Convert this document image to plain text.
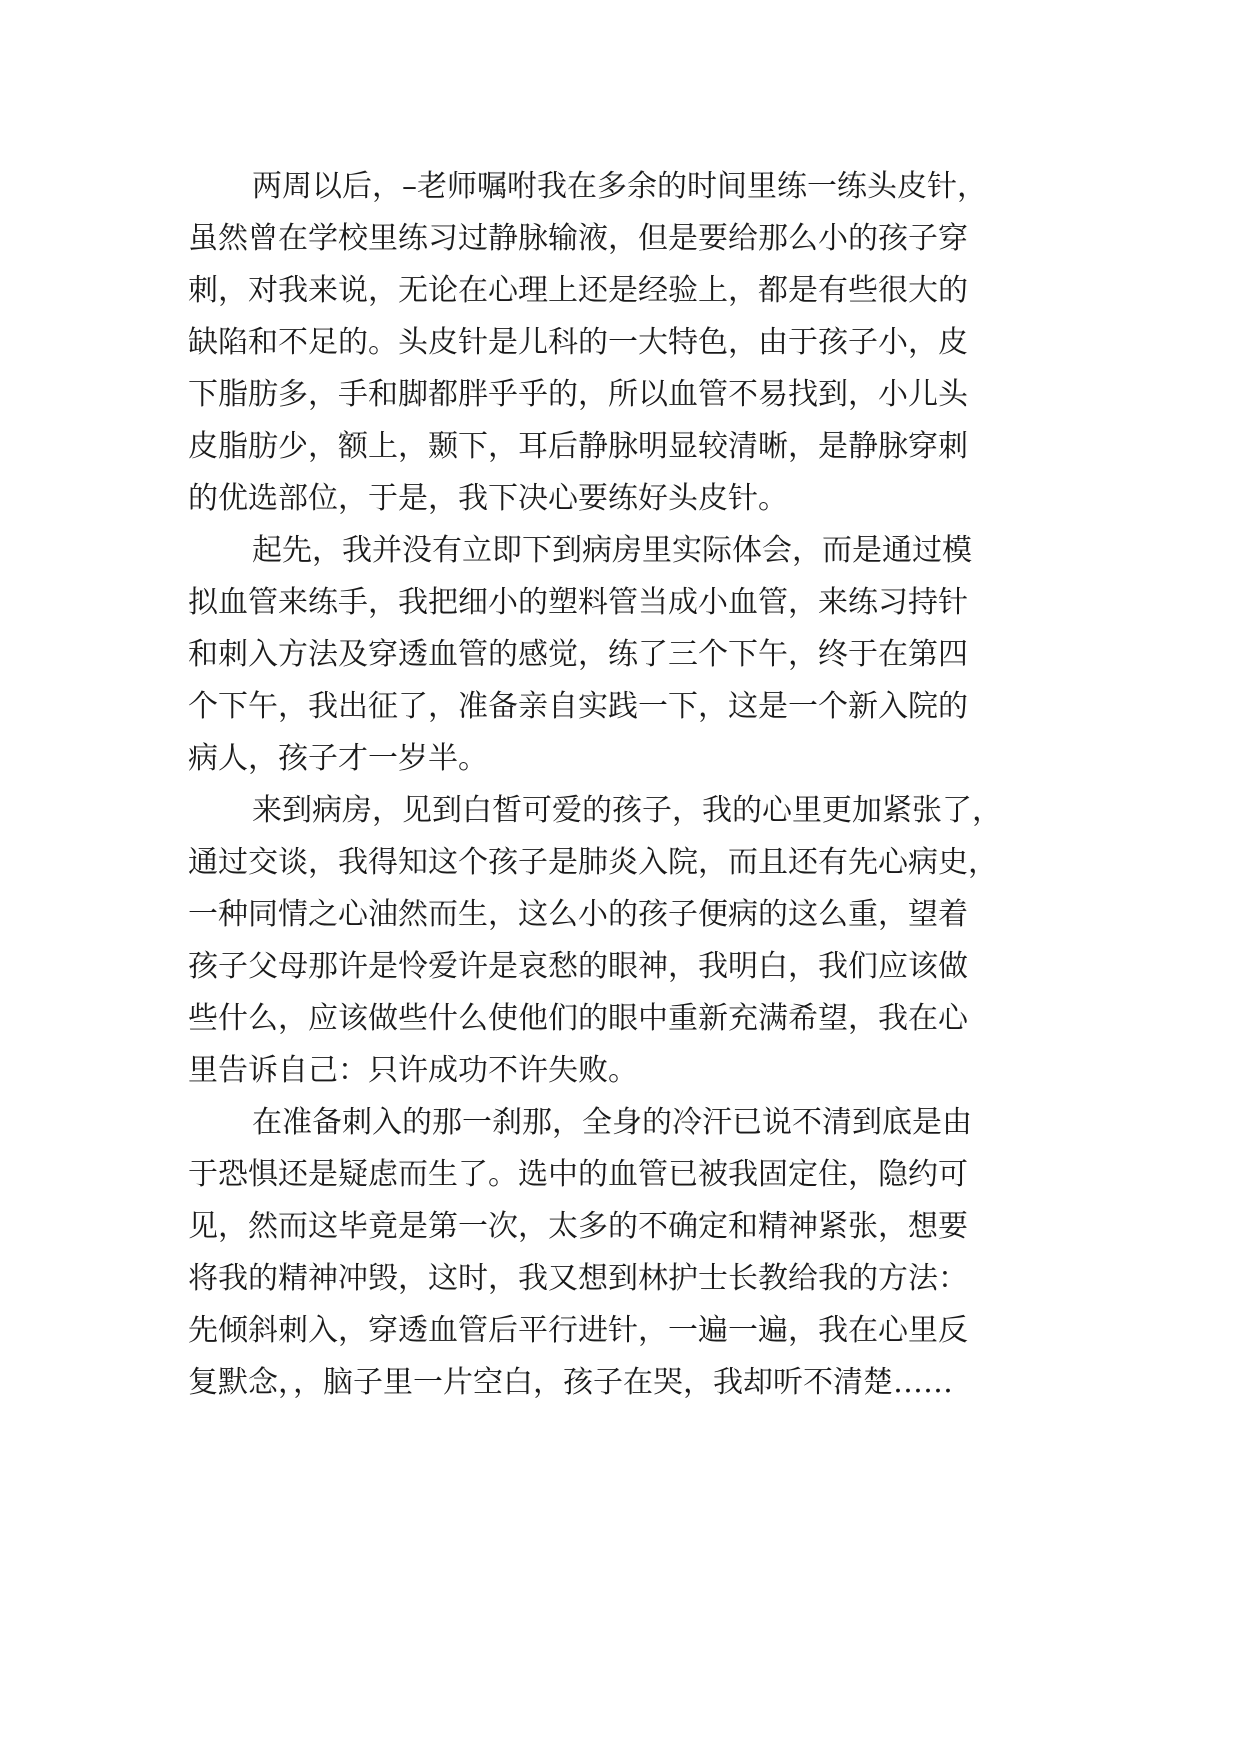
两周以后，–老师嘱咐我在多余的时间里练一练头皮针，
虽然曾在学校里练习过静脉输液，但是要给那么小的孩子穿
刺，对我来说，无论在心理上还是经验上，都是有些很大的
缺陷和不足的。头皮针是儿科的一大特色，由于孩子小，皮
下脂肪多，手和脚都胖乎乎的，所以血管不易找到，小儿头
皮脂肪少，额上，颞下，耳后静脉明显较清晰，是静脉穿刺
的优选部位，于是，我下决心要练好头皮针。
起先，我并没有立即下到病房里实际体会，而是通过模
拟血管来练手，我把细小的塑料管当成小血管，来练习持针
和刺入方法及穿透血管的感觉，练了三个下午，终于在第四
个下午，我出征了，准备亲自实践一下，这是一个新入院的
病人，孩子才一岁半。
来到病房，见到白皙可爱的孩子，我的心里更加紧张了，
通过交谈，我得知这个孩子是肺炎入院，而且还有先心病史，
一种同情之心油然而生，这么小的孩子便病的这么重，望着
孩子父母那许是怜爱许是哀愁的眼神，我明白，我们应该做
些什么，应该做些什么使他们的眼中重新充满希望，我在心
里告诉自己：只许成功不许失败。
在准备刺入的那一刹那，全身的冷汗已说不清到底是由
于恐惧还是疑虑而生了。选中的血管已被我固定住，隐约可
见，然而这毕竟是第一次，太多的不确定和精神紧张，想要
将我的精神冲毁，这时，我又想到林护士长教给我的方法：
先倾斜刺入，穿透血管后平行进针，一遍一遍，我在心里反
复默念，，脑子里一片空白，孩子在哭，我却听不清楚……
